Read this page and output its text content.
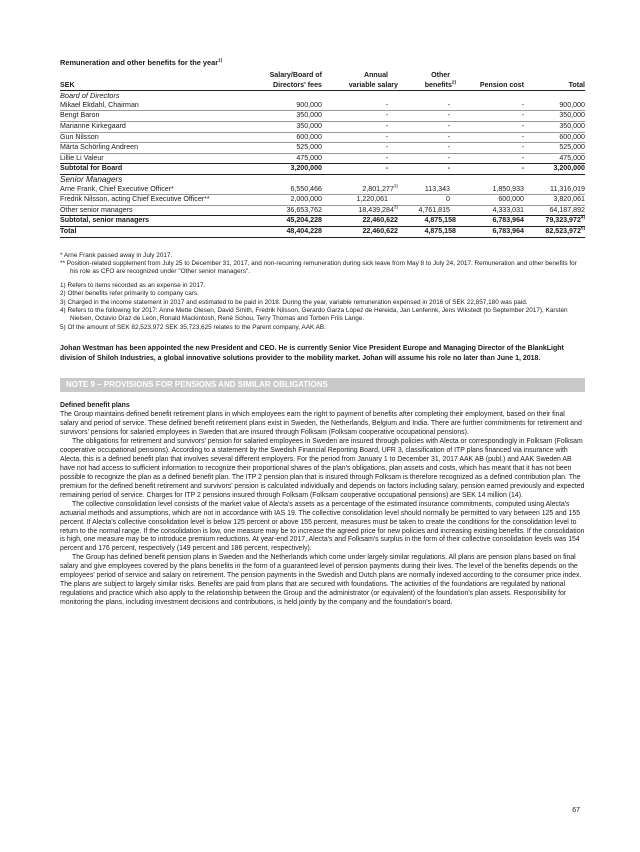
Remuneration and other benefits for the year$^{1)}$
	Salary/Board of	Annual	Other		
SEK	Directors' fees	variable salary	benefits$^{2)}$	Pension cost	Total
Board of Directors					
Mikael Ekdahl, Chairman	900,000	-	-	-	900,000
Bengt Baron	350,000	-	-	-	350,000
Marianne Kirkegaard	350,000	-	-	-	350,000
Gun Nilsson	600,000	-	-	-	600,000
Märta Schörling Andreen	525,000	-	-	-	525,000
Lillie Li Valeur	475,000	-	-	-	475,000
Subtotal for Board	3,200,000	-	-	-	3,200,000
Senior Managers					
Arne Frank, Chief Executive Officer*	6,550,466	2,801,277$^{3)}$	113,343	1,850,933	11,316,019
Fredrik Nilsson, acting Chief Executive Officer**	2,000,000	1,220,061	0	600,000	3,820,061
Other senior managers	36,653,762	18,439,284$^{3)}$	4,761,815	4,333,031	64,187,892
Subtotal, senior managers	45,204,228	22,460,622	4,875,158	6,783,964	79,323,972$^{4)}$
Total	48,404,228	22,460,622	4,875,158	6,783,964	82,523,972$^{5)}$

* Arne Frank passed away in July 2017.

** Position-related supplement from July 25 to December 31, 2017, and non-recurring remuneration during sick leave from May 8 to July 24, 2017. Remuneration and other benefits for his role as CFO are recognized under "Other senior managers".

1) Refers to items recorded as an expense in 2017.

2) Other benefits refer primarily to company cars.

3) Charged in the income statement in 2017 and estimated to be paid in 2018. During the year, variable remuneration expensed in 2016 of SEK 22,857,180 was paid.

4) Refers to the following for 2017: Anne Mette Olesen, David Smith, Fredrik Nilsson, Gerardo Garza López de Hereida, Jan Lenferink, Jens Wikstedt (to September 2017), Karsten Nielsen, Octavio Díaz de León, Ronald Mackintosh, René Schou, Terry Thomas and Torben Friis Lange.

5) Of the amount of SEK 82,523,972 SEK 35,723,625 relates to the Parent company, AAK AB.

Johan Westman has been appointed the new President and CEO. He is currently Senior Vice President Europe and Managing Director of the BlankLight division of Shiloh Industries, a global innovative solutions provider to the mobility market. Johan will assume his role no later than June 1, 2018.
NOTE 9 – PROVISIONS FOR PENSIONS AND SIMILAR OBLIGATIONS

Defined benefit plans

The Group maintains defined benefit retirement plans in which employees earn the right to payment of benefits after completing their employment, based on their final salary and period of service. These defined benefit retirement plans exist in Sweden, the Netherlands, Belgium and India. There are further commitments for retirement and survivors' pensions for salaried employees in Sweden that are insured through Folksam (Folksam cooperative occupational pensions).

The obligations for retirement and survivors' pension for salaried employees in Sweden are insured through policies with Alecta or correspondingly in Folksam (Folksam cooperative occupational pensions). According to a statement by the Swedish Financial Reporting Board, UFR 3, classification of ITP plans financed via insurance with Alecta, this is a defined benefit plan that involves several different employers. For the period from January 1 to December 31, 2017 AAK AB (publ.) and AAK Sweden AB have not had access to sufficient information to recognize their proportional shares of the plan's obligations, plan assets and costs, which has meant that it has not been possible to recognize the plan as a defined benefit plan. The ITP 2 pension plan that is insured through Folksam is therefore recognized as a defined contribution plan. The premium for the defined benefit retirement and survivors' pension is calculated individually and depends on factors including salary, pension earned previously and expected remaining period of service. Charges for ITP 2 pensions insured through Folksam (Folksam cooperative occupational pensions) are SEK 14 million (14).

The collective consolidation level consists of the market value of Alecta's assets as a percentage of the estimated insurance commitments, computed using Alecta's actuarial methods and assumptions, which are not in accordance with IAS 19. The collective consolidation level should normally be permitted to vary between 125 and 155 percent. If Alecta's collective consolidation level is below 125 percent or above 155 percent, measures must be taken to create the conditions for the consolidation level to return to the normal range. If the consolidation is low, one measure may be to increase the agreed price for new policies and increasing existing benefits. If the consolidation is high, one measure may be to introduce premium reductions. At year-end 2017, Alecta's and Folksam's surplus in the form of their collective consolidation levels was 154 percent and 176 percent, respectively (149 percent and 186 percent, respectively).

The Group has defined benefit pension plans in Sweden and the Netherlands which come under largely similar regulations. All plans are pension plans based on final salary and give employees covered by the plans benefits in the form of a guaranteed level of pension payments during their lives. The level of the benefits depends on the employees' period of service and salary on retirement. The pension payments in the Swedish and Dutch plans are normally indexed according to the consumer price index. The plans are subject to largely similar risks. Benefits are paid from plans that are secured with foundations. The activities of the foundations are regulated by national regulations and practice which also apply to the relationship between the Group and the administrator (or equivalent) of the foundation's plan assets. Responsibility for monitoring the plans, including investment decisions and contributions, is held jointly by the company and the foundation's board.

67
